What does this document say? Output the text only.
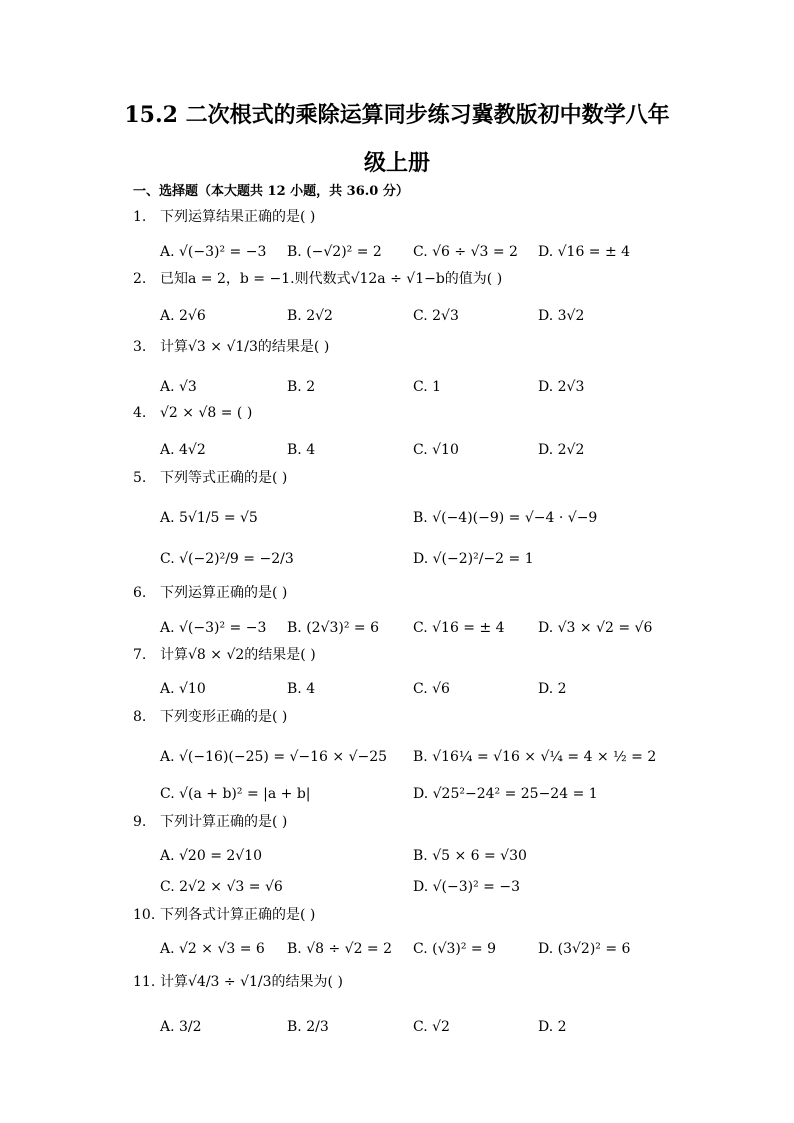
15.2 二次根式的乘除运算同步练习冀教版初中数学八年
级上册
一、选择题（本大题共 12 小题，共 36.0 分）
1. 下列运算结果正确的是( )
A. √(−3)² = −3 B. (−√2)² = 2 C. √6 ÷ √3 = 2 D. √16 = ± 4
2. 已知a = 2，b = −1.则代数式√12a ÷ √1−b的值为( )
A. 2√6	B. 2√2	C. 2√3	D. 3√2
3. 计算√3 × √1/3的结果是( )
A. √3	B. 2	C. 1	D. 2√3
4. √2 × √8 = ( )
A. 4√2	B. 4	C. √10	D. 2√2
5. 下列等式正确的是( )
A. 5√1/5 = √5	B. √(−4)(−9) = √−4 · √−9
C. √(−2)²/9 = −2/3	D. √(−2)²/−2 = 1
6. 下列运算正确的是( )
A. √(−3)² = −3 B. (2√3)² = 6 C. √16 = ± 4 D. √3 × √2 = √6
7. 计算√8 × √2的结果是( )
A. √10	B. 4	C. √6	D. 2
8. 下列变形正确的是( )
A. √(−16)(−25) = √−16 × √−25 B. √16¼ = √16 × √¼ = 4 × ½ = 2
C. √(a + b)² = |a + b|	D. √25²−24² = 25−24 = 1
9. 下列计算正确的是( )
A. √20 = 2√10	B. √5 × 6 = √30
C. 2√2 × √3 = √6	D. √(−3)² = −3
10. 下列各式计算正确的是( )
A. √2 × √3 = 6 B. √8 ÷ √2 = 2 C. (√3)² = 9	D. (3√2)² = 6
11. 计算√4/3 ÷ √1/3的结果为( )
A. 3/2	B. 2/3	C. √2	D. 2
